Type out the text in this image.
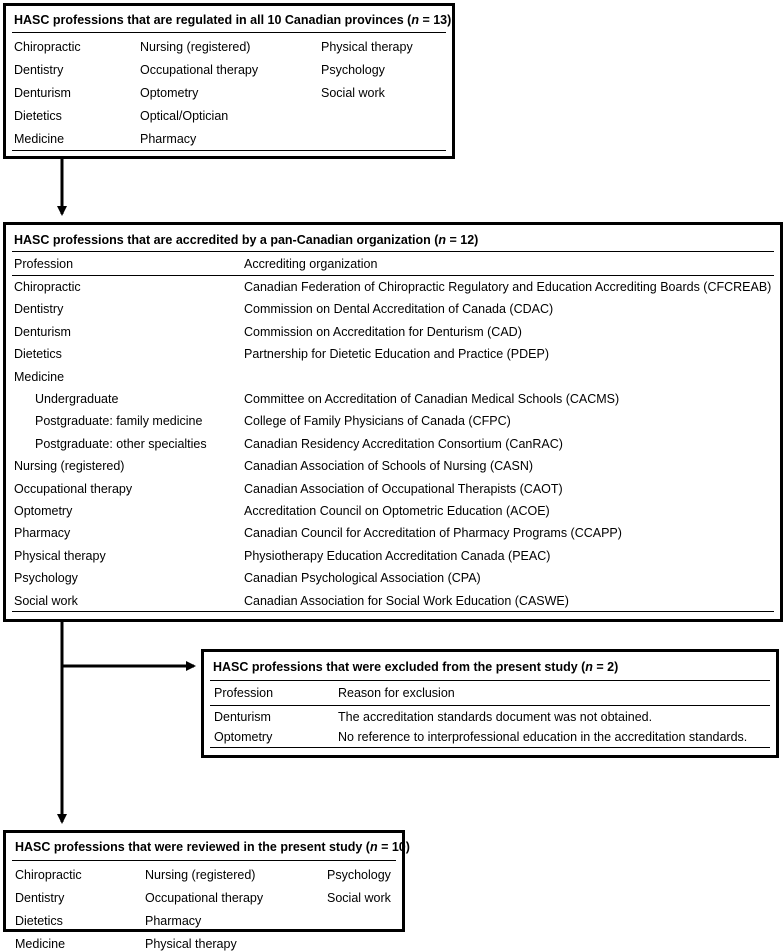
HASC professions that are regulated in all 10 Canadian provinces (n = 13)
Chiropractic
Dentistry
Denturism
Dietetics
Medicine
Nursing (registered)
Occupational therapy
Optometry
Optical/Optician
Pharmacy
Physical therapy
Psychology
Social work
HASC professions that are accredited by a pan-Canadian organization (n = 12)
Profession	Accrediting organization
Chiropractic	Canadian Federation of Chiropractic Regulatory and Education Accrediting Boards (CFCREAB)
Dentistry	Commission on Dental Accreditation of Canada (CDAC)
Denturism	Commission on Accreditation for Denturism (CAD)
Dietetics	Partnership for Dietetic Education and Practice (PDEP)
Medicine
Undergraduate	Committee on Accreditation of Canadian Medical Schools (CACMS)
Postgraduate: family medicine	College of Family Physicians of Canada (CFPC)
Postgraduate: other specialties	Canadian Residency Accreditation Consortium (CanRAC)
Nursing (registered)	Canadian Association of Schools of Nursing (CASN)
Occupational therapy	Canadian Association of Occupational Therapists (CAOT)
Optometry	Accreditation Council on Optometric Education (ACOE)
Pharmacy	Canadian Council for Accreditation of Pharmacy Programs (CCAPP)
Physical therapy	Physiotherapy Education Accreditation Canada (PEAC)
Psychology	Canadian Psychological Association (CPA)
Social work	Canadian Association for Social Work Education (CASWE)
HASC professions that were excluded from the present study (n = 2)
Profession	Reason for exclusion
Denturism	The accreditation standards document was not obtained.
Optometry	No reference to interprofessional education in the accreditation standards.
HASC professions that were reviewed in the present study (n = 10)
Chiropractic
Dentistry
Dietetics
Medicine
Nursing (registered)
Occupational therapy
Pharmacy
Physical therapy
Psychology
Social work
